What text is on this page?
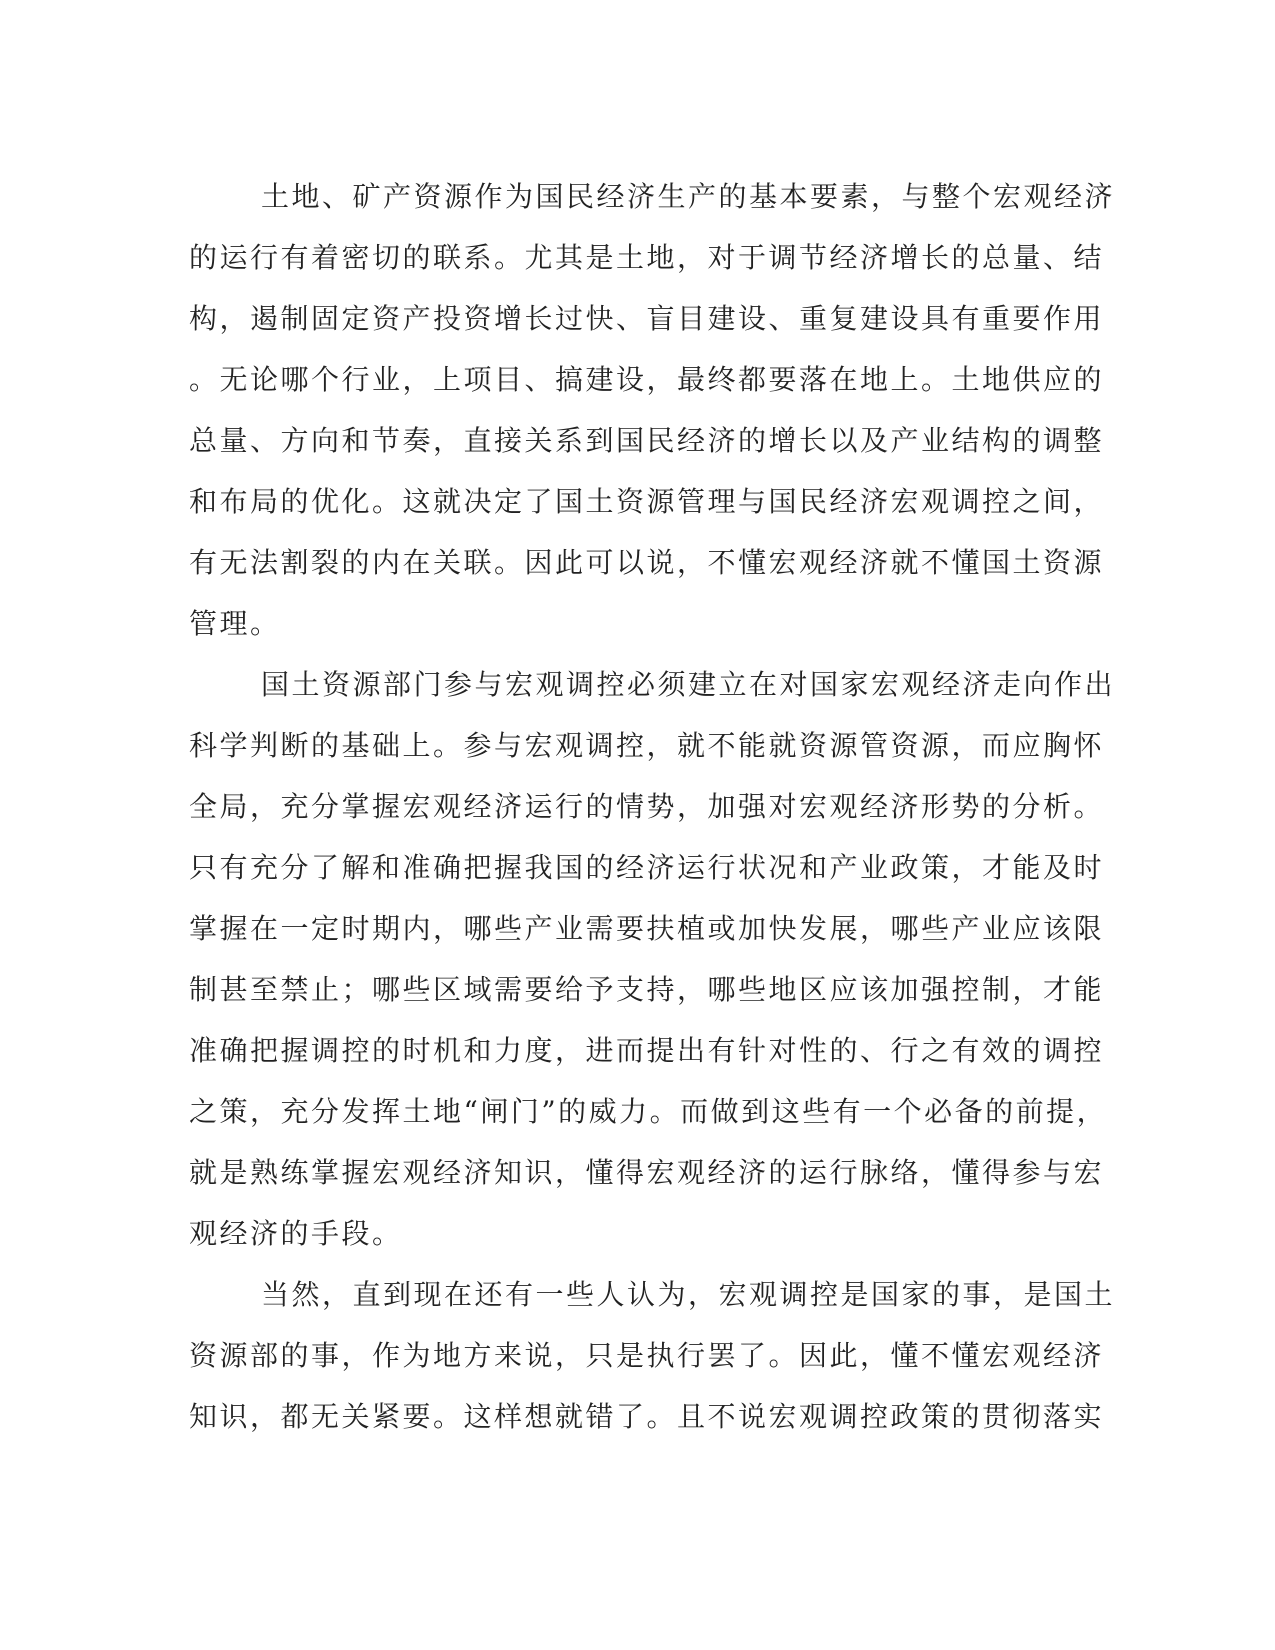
土地、矿产资源作为国民经济生产的基本要素，与整个宏观经济
的运行有着密切的联系。尤其是土地，对于调节经济增长的总量、结
构，遏制固定资产投资增长过快、盲目建设、重复建设具有重要作用
。无论哪个行业，上项目、搞建设，最终都要落在地上。土地供应的
总量、方向和节奏，直接关系到国民经济的增长以及产业结构的调整
和布局的优化。这就决定了国土资源管理与国民经济宏观调控之间，
有无法割裂的内在关联。因此可以说，不懂宏观经济就不懂国土资源
管理。
国土资源部门参与宏观调控必须建立在对国家宏观经济走向作出
科学判断的基础上。参与宏观调控，就不能就资源管资源，而应胸怀
全局，充分掌握宏观经济运行的情势，加强对宏观经济形势的分析。
只有充分了解和准确把握我国的经济运行状况和产业政策，才能及时
掌握在一定时期内，哪些产业需要扶植或加快发展，哪些产业应该限
制甚至禁止；哪些区域需要给予支持，哪些地区应该加强控制，才能
准确把握调控的时机和力度，进而提出有针对性的、行之有效的调控
之策，充分发挥土地“闸门”的威力。而做到这些有一个必备的前提，
就是熟练掌握宏观经济知识，懂得宏观经济的运行脉络，懂得参与宏
观经济的手段。
当然，直到现在还有一些人认为，宏观调控是国家的事，是国土
资源部的事，作为地方来说，只是执行罢了。因此，懂不懂宏观经济
知识，都无关紧要。这样想就错了。且不说宏观调控政策的贯彻落实
